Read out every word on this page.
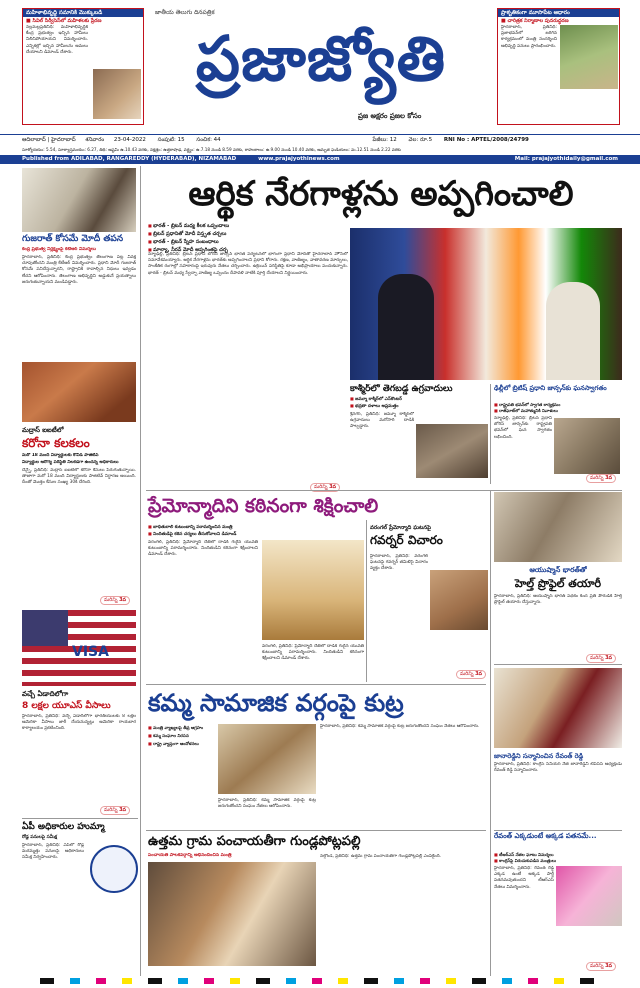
మహిళాభివృద్ధి సమానికి మొక్కుబడి
■ సివిల్ సిర్వీసెస్‌లో మహిళలకు ప్రేరణ
నల్లమల్లప్రతినిధి: మహిళాభివృద్ధికి కేంద్ర ప్రభుత్వం ఇచ్చిన హామీలు నిలిచిపోయాయని విమర్శించారు. ఎన్నికల్లో ఇచ్చిన హామీలను అమలు చేయాలని డిమాండ్ చేశారు.
జాతీయ తెలుగు దినపత్రిక
ప్రజాజ్యోతి
ప్రజ అక్షరం ప్రజల కోసం
ప్రాకృతికంగా మూసాపేట ఆధారం
■ చారిత్రక నిర్మాణాల పునరుద్ధరణ
హైదరాబాద్, ప్రతినిధి: ప్రజాభవన్‌లో జరిగిన కార్యక్రమంలో మంత్రి సందర్శించి అభివృద్ధి పనులు ప్రారంభించారు.
ఆదిలాబాద్ | హైదరాబాద్ శనివారం 23-04-2022 సంపుటి: 15 సంచిక: 44	పేజీలు: 12 వెల: రూ.5 RNI No : APTEL/2008/24799
సూర్యోదయం: 5.54, సూర్యాస్తమయం: 6.27, తిథి: అష్టమి ఉ.10.43 వరకు, నక్షత్రం: ఉత్తరాషాఢ, వర్జ్యం: ఉ.7.18 నుండి 8.59 వరకు, రాహుకాలం: ఉ.9.00 నుండి 10.40 వరకు, అమృత ఘడియలు: మ.12.51 నుండి 2.22 వరకు
Published from ADILABAD, RANGAREDDY (HYDERABAD), NIZAMABAD	www.prajajyothinews.com	Mail: prajajyothidaily@gmail.com
గుజరాత్ కోసమే మోదీ తపన
కేంద్ర ప్రభుత్వ నిర్లక్ష్యంపై కేటీఆర్ విమర్శలు
హైదరాబాద్, ప్రతినిధి: కేంద్ర ప్రభుత్వం తెలంగాణ పట్ల వివక్ష చూపుతోందని మంత్రి కేటీఆర్ విమర్శించారు. ప్రధాని మోదీ గుజరాత్ కోసమే పనిచేస్తున్నారని, రాష్ట్రానికి రావాల్సిన నిధులు ఇవ్వడం లేదని ఆరోపించారు. తెలంగాణ అభివృద్ధిని అడ్డుకునే ప్రయత్నాలు జరుగుతున్నాయని మండిపడ్డారు.
మద్రాస్ ఐఐటీలో
కరోనా కలకలం
మరో 18 మంది విద్యార్థులకు కోవిడ్ పాజిటివ్
విద్యార్థుల ఆరోగ్య పరిస్థితి నిలకడగా ఉందన్న అధికారులు
చెన్నై, ప్రతినిధి: మద్రాస్ ఐఐటీలో కరోనా కేసులు పెరుగుతున్నాయి. తాజాగా మరో 18 మంది విద్యార్థులకు పాజిటివ్ నిర్ధారణ అయింది. దీంతో మొత్తం కేసుల సంఖ్య 30కి చేరింది.
మరిన్ని 3వ
VISA
వచ్చే ఏడాదిలోగా
8 లక్షల యూఎస్ వీసాలు
హైదరాబాద్, ప్రతినిధి: వచ్చే ఏడాదిలోగా భారతీయులకు 8 లక్షల అమెరికా వీసాలు జారీ చేయనున్నట్లు అమెరికా రాయబార కార్యాలయం ప్రకటించింది.
మరిన్ని 3వ
ఏపీ అధికారుల హుమ్మా
రోడ్ల పనులపై సమీక్ష
హైదరాబాద్, ప్రతినిధి: ఏపీలో రోడ్ల మరమ్మత్తు పనులపై అధికారులు సమీక్ష నిర్వహించారు.
ఆర్థిక నేరగాళ్లను అప్పగించాలి
■ భారత్ - బ్రిటన్ మధ్య కీలక ఒప్పందాలు
■ బ్రిటన్ ప్రధానితో మోదీ విస్తృత చర్చలు
■ భారత్ - బ్రిటన్ స్నేహ సంబంధాలు
■ మాల్యా, నీరవ్ మోదీ అప్పగింతపై చర్చ
న్యూఢిల్లీ, ప్రతినిధి: బ్రిటన్ ప్రధాని బోరిస్ జాన్సన్ భారత పర్యటనలో భాగంగా ప్రధాని మోదీతో హైదరాబాద్ హౌస్‌లో సమావేశమయ్యారు. ఆర్థిక నేరగాళ్లను భారత్‌కు అప్పగించాలని ప్రధాని కోరారు. రక్షణ, వాణిజ్యం, వాతావరణ మార్పులు, సాంకేతిక రంగాల్లో సహకారంపై ఇరువురు నేతలు చర్చించారు. ఉక్రెయిన్ పరిస్థితిపై కూడా అభిప్రాయాలు పంచుకున్నారు. భారత్ - బ్రిటన్ మధ్య స్వేచ్ఛా వాణిజ్య ఒప్పందం దీపావళి నాటికి పూర్తి చేయాలని నిర్ణయించారు.
మరిన్ని 3వ
కాశ్మీర్‌లో తెగబడ్డ ఉగ్రవాదులు
■ జమ్మూ కాశ్మీర్‌లో ఎన్‌కౌంటర్
■ భద్రతా దళాలు అప్రమత్తం
శ్రీనగర్, ప్రతినిధి: జమ్మూ కాశ్మీర్‌లో ఉగ్రవాదులు మరోసారి దాడికి పాల్పడ్డారు.
ఢిల్లీలో బ్రిటిష్ ప్రధాని జాన్సన్‌కు ఘనస్వాగతం
■ రాష్ట్రపతి భవన్‌లో స్వాగత కార్యక్రమం
■ రాజ్‌ఘాట్‌లో మహాత్మునికి నివాళులు
న్యూఢిల్లీ, ప్రతినిధి: బ్రిటన్ ప్రధాని బోరిస్ జాన్సన్‌కు రాష్ట్రపతి భవన్‌లో ఘన స్వాగతం లభించింది.
మరిన్ని 3వ
ప్రేమోన్మాదిని కఠినంగా శిక్షించాలి
■ బాధితురాలి కుటుంబాన్ని పరామర్శించిన మంత్రి
■ నిందితుడిపై కఠిన చర్యలు తీసుకోవాలని డిమాండ్
వరంగల్, ప్రతినిధి: ప్రేమోన్మాది చేతిలో దాడికి గురైన యువతి కుటుంబాన్ని పరామర్శించారు. నిందితుడిని కఠినంగా శిక్షించాలని డిమాండ్ చేశారు.
వరంగల్, ప్రతినిధి: ప్రేమోన్మాది చేతిలో దాడికి గురైన యువతి కుటుంబాన్ని పరామర్శించారు. నిందితుడిని కఠినంగా శిక్షించాలని డిమాండ్ చేశారు.
వరంగల్ ప్రేమోన్మాది ఘటనపై
గవర్నర్ విచారం
హైదరాబాద్, ప్రతినిధి: వరంగల్ ఘటనపై గవర్నర్ తమిళిసై విచారం వ్యక్తం చేశారు.
మరిన్ని 3వ
ఆయుష్మాన్ భారత్‌తో
హెల్త్ ప్రొఫైల్ తయారీ
హైదరాబాద్, ప్రతినిధి: ఆయుష్మాన్ భారత్ పథకం కింద ప్రతి పౌరుడికి హెల్త్ ప్రొఫైల్ తయారు చేస్తున్నారు.
మరిన్ని 3వ
జానారెడ్డిని సన్మానించిన రేవంత్ రెడ్డి
హైదరాబాద్, ప్రతినిధి: కాంగ్రెస్ సీనియర్ నేత జానారెడ్డిని టీపీసీసీ అధ్యక్షుడు రేవంత్ రెడ్డి సన్మానించారు.
కమ్మ సామాజిక వర్గంపై కుట్ర
■ మంత్రి వ్యాఖ్యలపై తీవ్ర ఆగ్రహం
■ కమ్మ సంఘాల నిరసన
■ రాష్ట్ర వ్యాప్తంగా ఆందోళనలు
హైదరాబాద్, ప్రతినిధి: కమ్మ సామాజిక వర్గంపై కుట్ర జరుగుతోందని సంఘం నేతలు ఆరోపించారు.
హైదరాబాద్, ప్రతినిధి: కమ్మ సామాజిక వర్గంపై కుట్ర జరుగుతోందని సంఘం నేతలు ఆరోపించారు.
ఉత్తమ గ్రామ పంచాయతీగా గుండ్లపోట్లపల్లి
పంచాయతీ పాలకవర్గాన్ని అభినందించిన మంత్రి	నల్గొండ, ప్రతినిధి: ఉత్తమ గ్రామ పంచాయతీగా గుండ్లపోట్లపల్లి ఎంపికైంది.
రేవంత్ ఎక్కడుంటే అక్కడ పతనమే...
■ టీఆర్ఎస్ నేతల ఘాటు విమర్శలు
■ కాంగ్రెస్‌పై విరుచుకుపడిన మంత్రులు
హైదరాబాద్, ప్రతినిధి: రేవంత్ రెడ్డి ఎక్కడ ఉంటే అక్కడ పార్టీ పతనమవుతుందని టీఆర్ఎస్ నేతలు విమర్శించారు.
మరిన్ని 3వ
